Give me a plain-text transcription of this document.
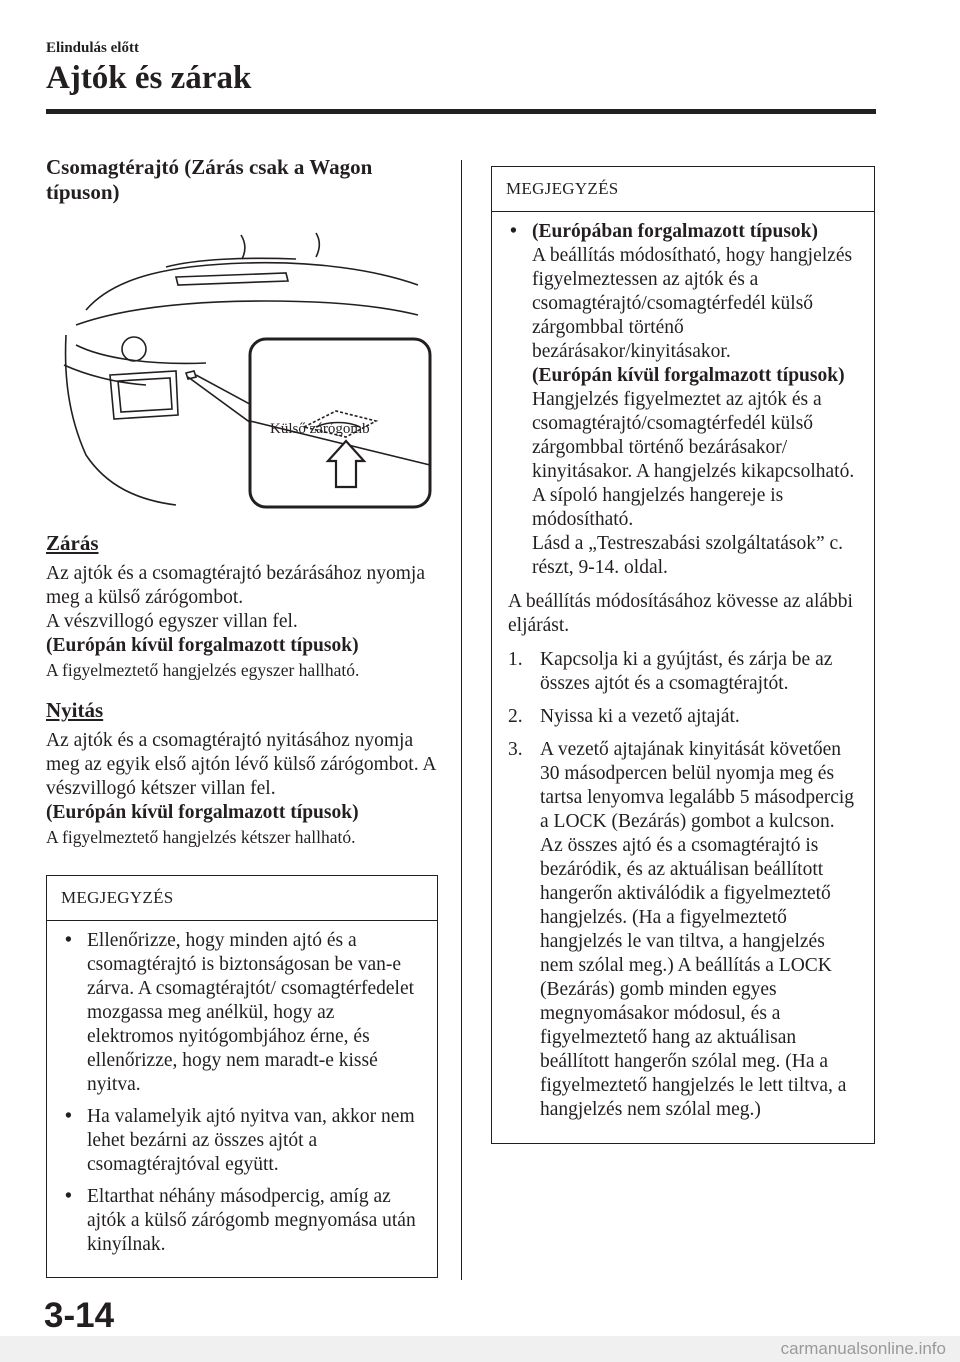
Elindulás előtt
Ajtók és zárak

Csomagtérajtó (Zárás csak a Wagon típuson)

Külső zárógomb
Zárás

Az ajtók és a csomagtérajtó bezárásához nyomja meg a külső zárógombot.

A vészvillogó egyszer villan fel.

(Európán kívül forgalmazott típusok)

A figyelmeztető hangjelzés egyszer hallható.

Nyitás

Az ajtók és a csomagtérajtó nyitásához nyomja meg az egyik első ajtón lévő külső zárógombot. A vészvillogó kétszer villan fel.

(Európán kívül forgalmazott típusok)

A figyelmeztető hangjelzés kétszer hallható.

MEGJEGYZÉS
• Ellenőrizze, hogy minden ajtó és a csomagtérajtó is biztonságosan be van-e zárva. A csomagtérajtót/ csomagtérfedelet mozgassa meg anélkül, hogy az elektromos nyitógombjához érne, és ellenőrizze, hogy nem maradt-e kissé nyitva.
• Ha valamelyik ajtó nyitva van, akkor nem lehet bezárni az összes ajtót a csomagtérajtóval együtt.
• Eltarthat néhány másodpercig, amíg az ajtók a külső zárógomb megnyomása után kinyílnak.
MEGJEGYZÉS
• (Európában forgalmazott típusok)
A beállítás módosítható, hogy hangjelzés figyelmeztessen az ajtók és a csomagtérajtó/csomagtérfedél külső zárgombbal történő bezárásakor/kinyitásakor.
(Európán kívül forgalmazott típusok)
Hangjelzés figyelmeztet az ajtók és a csomagtérajtó/csomagtérfedél külső zárgombbal történő bezárásakor/ kinyitásakor. A hangjelzés kikapcsolható.
A sípoló hangjelzés hangereje is módosítható.
Lásd a „Testreszabási szolgáltatások” c. részt, 9-14. oldal.

A beállítás módosításához kövesse az alábbi eljárást.

1. Kapcsolja ki a gyújtást, és zárja be az összes ajtót és a csomagtérajtót.
2. Nyissa ki a vezető ajtaját.
3. A vezető ajtajának kinyitását követően 30 másodpercen belül nyomja meg és tartsa lenyomva legalább 5 másodpercig a LOCK (Bezárás) gombot a kulcson.
Az összes ajtó és a csomagtérajtó is bezáródik, és az aktuálisan beállított hangerőn aktiválódik a figyelmeztető hangjelzés. (Ha a figyelmeztető hangjelzés le van tiltva, a hangjelzés nem szólal meg.) A beállítás a LOCK (Bezárás) gomb minden egyes megnyomásakor módosul, és a figyelmeztető hang az aktuálisan beállított hangerőn szólal meg. (Ha a figyelmeztető hangjelzés le lett tiltva, a hangjelzés nem szólal meg.)
3-14
carmanualsonline.info
